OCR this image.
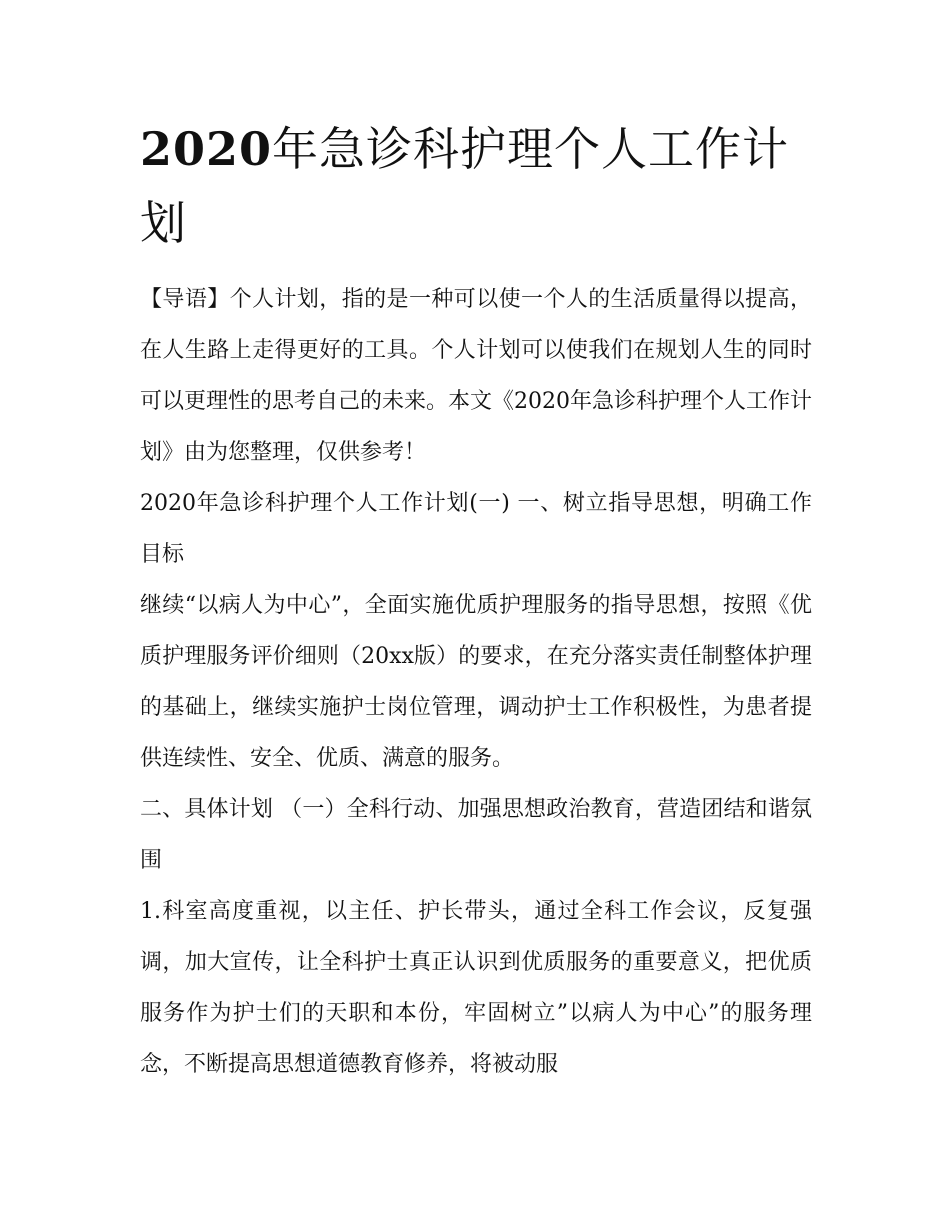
2020年急诊科护理个人工作计划

【导语】个人计划，指的是一种可以使一个人的生活质量得以提高，在人生路上走得更好的工具。个人计划可以使我们在规划人生的同时可以更理性的思考自己的未来。本文《2020年急诊科护理个人工作计划》由为您整理，仅供参考！

2020年急诊科护理个人工作计划(一) 一、树立指导思想，明确工作目标

继续“以病人为中心”，全面实施优质护理服务的指导思想，按照《优质护理服务评价细则（20xx版）的要求，在充分落实责任制整体护理的基础上，继续实施护士岗位管理，调动护士工作积极性，为患者提供连续性、安全、优质、满意的服务。

二、具体计划 （一）全科行动、加强思想政治教育，营造团结和谐氛围

1.科室高度重视，以主任、护长带头，通过全科工作会议，反复强调，加大宣传，让全科护士真正认识到优质服务的重要意义，把优质服务作为护士们的天职和本份，牢固树立”以病人为中心”的服务理念，不断提高思想道德教育修养，将被动服
